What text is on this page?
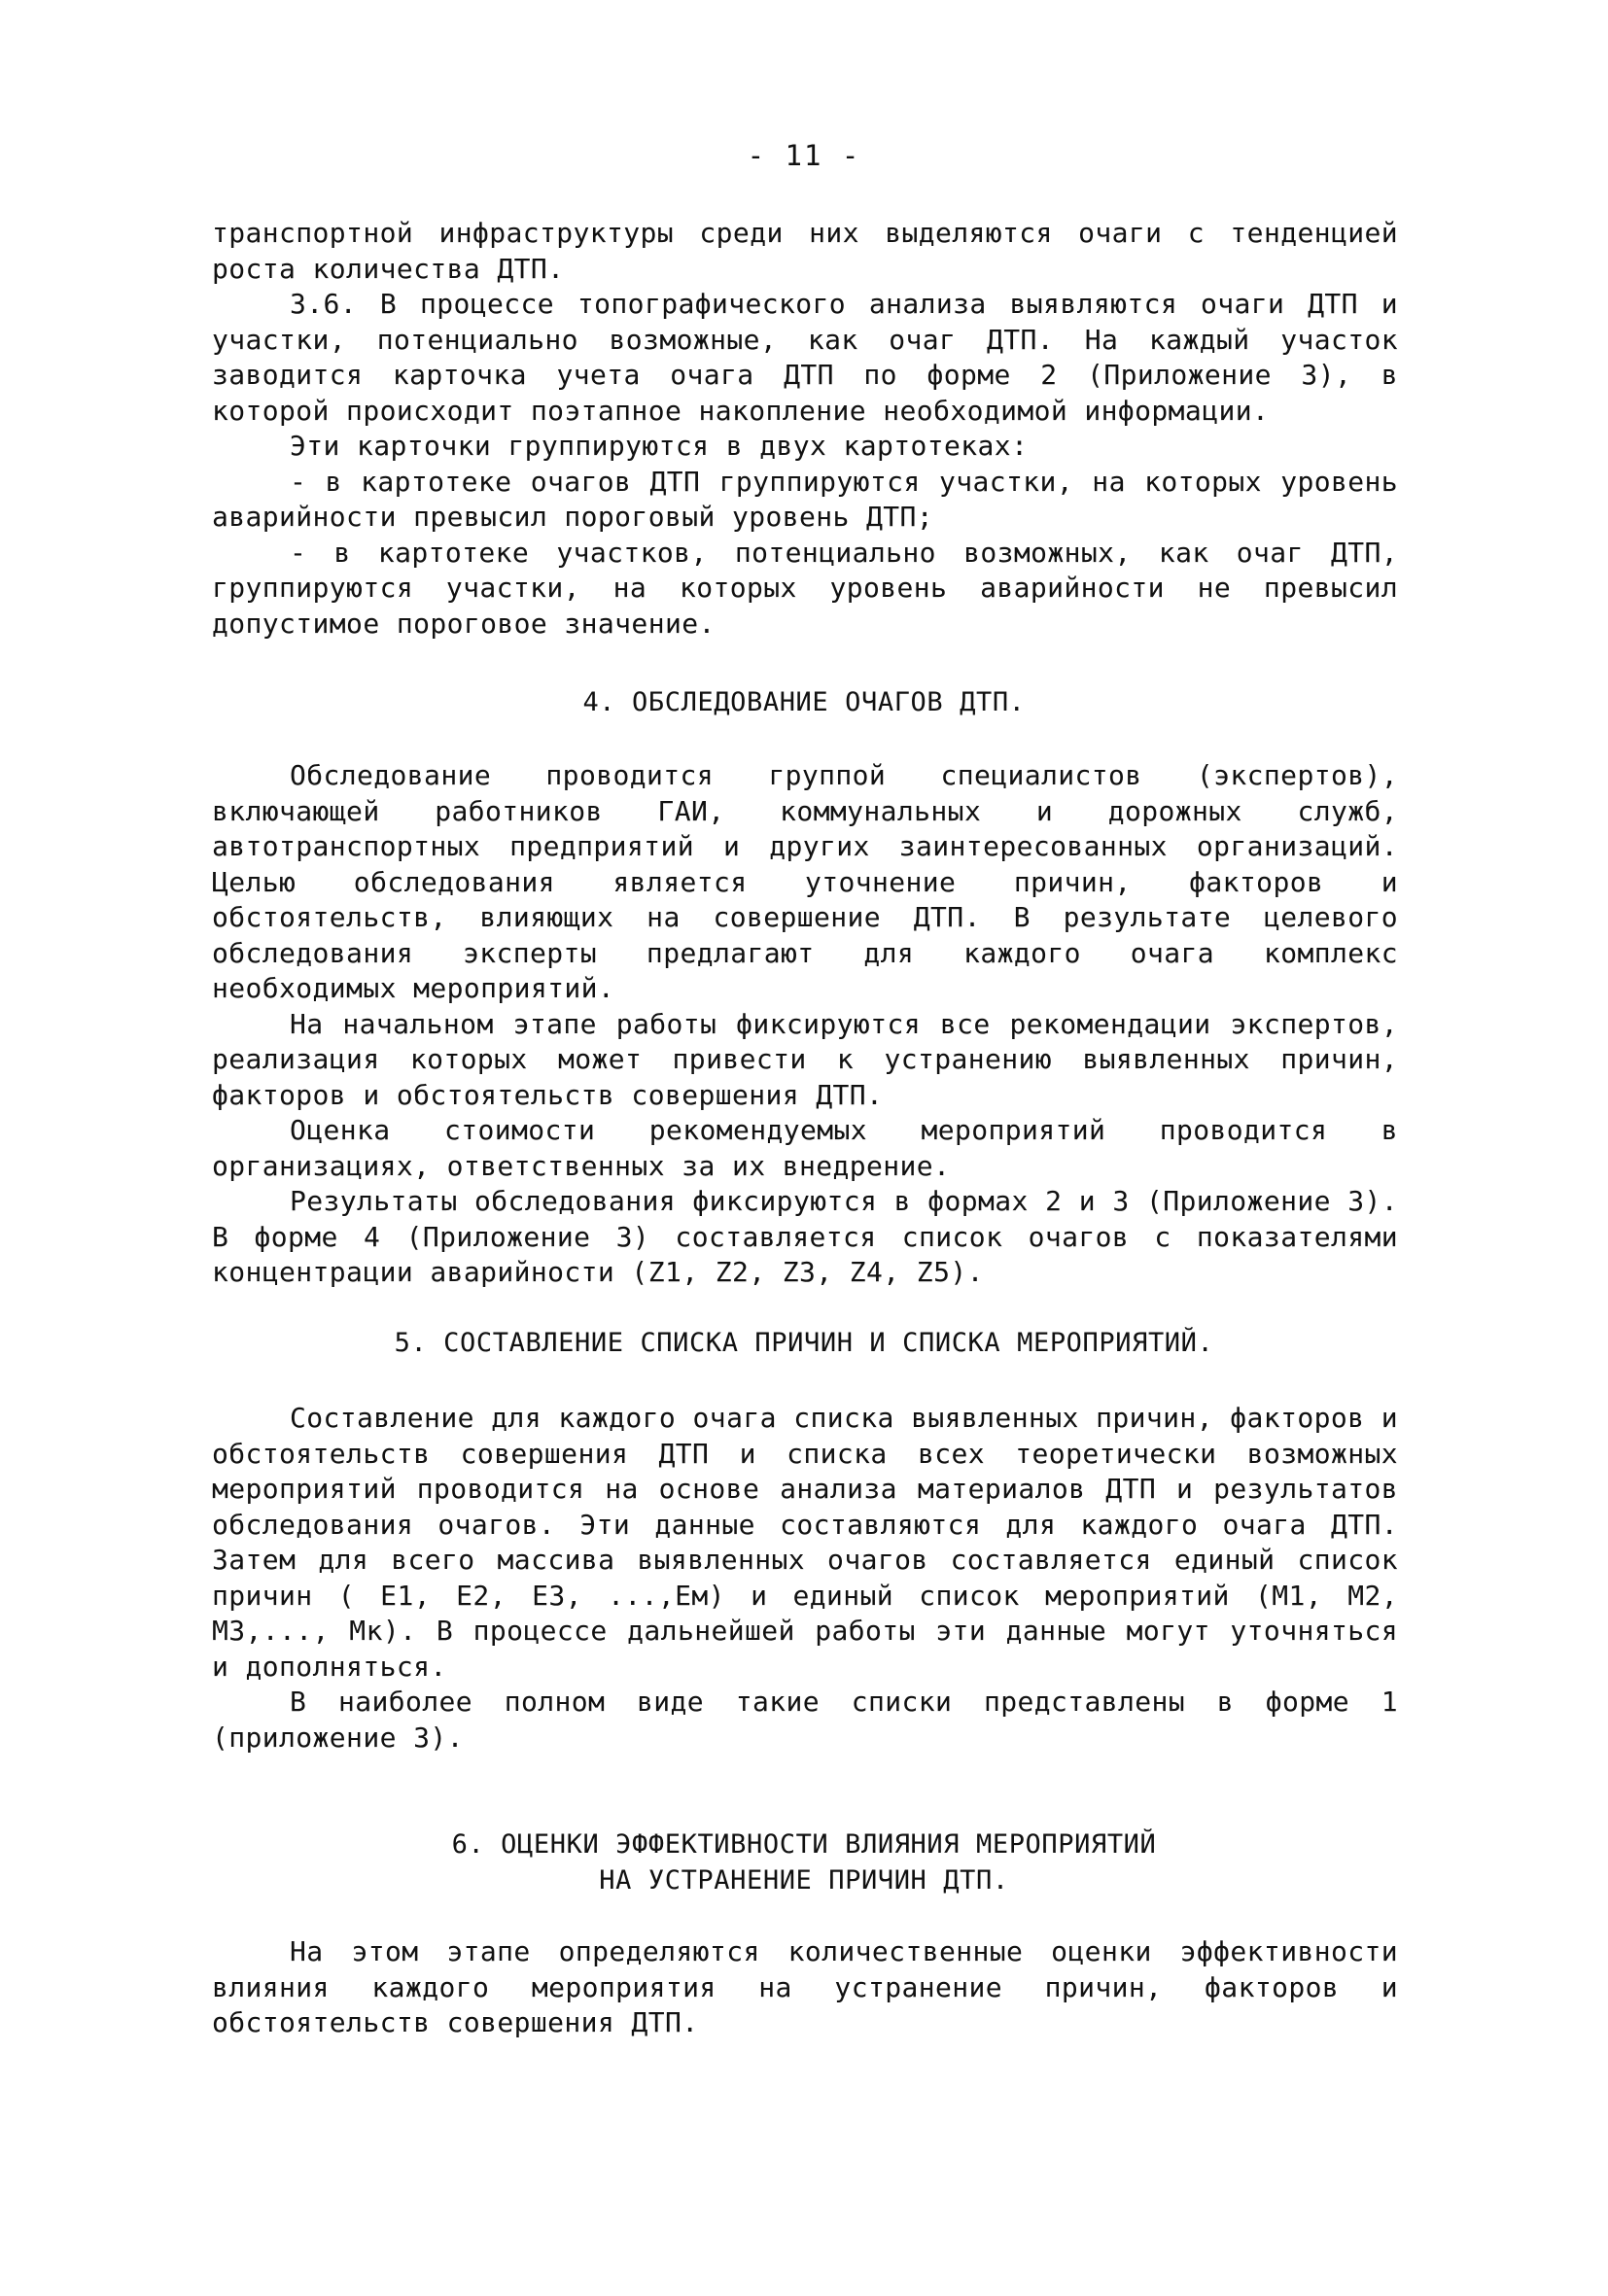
- 11 -

транспортной инфраструктуры среди них выделяются очаги с тенденцией роста количества ДТП.

3.6. В процессе топографического анализа выявляются очаги ДТП и участки, потенциально возможные, как очаг ДТП. На каждый участок заводится карточка учета очага ДТП по форме 2 (Приложение 3), в которой происходит поэтапное накопление необходимой информации.

Эти карточки группируются в двух картотеках:

- в картотеке очагов ДТП группируются участки, на которых уровень аварийности превысил пороговый уровень ДТП;

- в картотеке участков, потенциально возможных, как очаг ДТП, группируются участки, на которых уровень аварийности не превысил допустимое пороговое значение.

4. ОБСЛЕДОВАНИЕ ОЧАГОВ ДТП.

Обследование проводится группой специалистов (экспертов), включающей работников ГАИ, коммунальных и дорожных служб, автотранспортных предприятий и других заинтересованных организаций. Целью обследования является уточнение причин, факторов и обстоятельств, влияющих на совершение ДТП. В результате целевого обследования эксперты предлагают для каждого очага комплекс необходимых мероприятий.

На начальном этапе работы фиксируются все рекомендации экспертов, реализация которых может привести к устранению выявленных причин, факторов и обстоятельств совершения ДТП.

Оценка стоимости рекомендуемых мероприятий проводится в организациях, ответственных за их внедрение.

Результаты обследования фиксируются в формах 2 и 3 (Приложение 3). В форме 4 (Приложение 3) составляется список очагов с показателями концентрации аварийности (Z1, Z2, Z3, Z4, Z5).

5. СОСТАВЛЕНИЕ СПИСКА ПРИЧИН И СПИСКА МЕРОПРИЯТИЙ.

Составление для каждого очага списка выявленных причин, факторов и обстоятельств совершения ДТП и списка всех теоретически возможных мероприятий проводится на основе анализа материалов ДТП и результатов обследования очагов. Эти данные составляются для каждого очага ДТП. Затем для всего массива выявленных очагов составляется единый список причин ( Е1, Е2, Е3, ...,Ем) и единый список мероприятий (М1, М2, М3,..., Мк). В процессе дальнейшей работы эти данные могут уточняться и дополняться.

В наиболее полном виде такие списки представлены в форме 1 (приложение 3).

6. ОЦЕНКИ ЭФФЕКТИВНОСТИ ВЛИЯНИЯ МЕРОПРИЯТИЙ
НА УСТРАНЕНИЕ ПРИЧИН ДТП.

На этом этапе определяются количественные оценки эффективности влияния каждого мероприятия на устранение причин, факторов и обстоятельств совершения ДТП.
